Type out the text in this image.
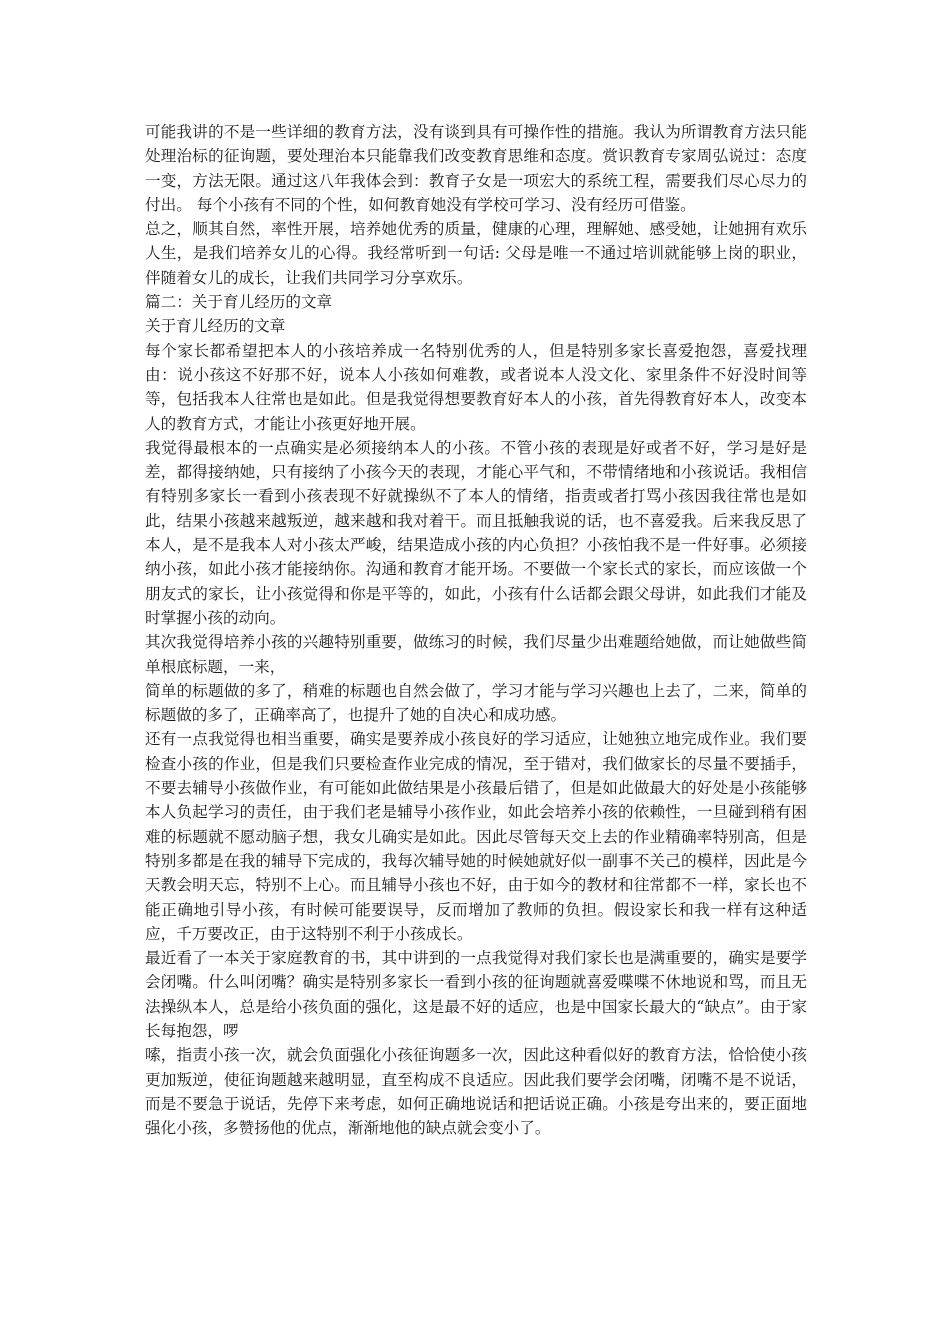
可能我讲的不是一些详细的教育方法，没有谈到具有可操作性的措施。我认为所谓教育方法只能处理治标的征询题，要处理治本只能靠我们改变教育思维和态度。赏识教育专家周弘说过：态度一变，方法无限。通过这八年我体会到：教育子女是一项宏大的系统工程，需要我们尽心尽力的付出。 每个小孩有不同的个性，如何教育她没有学校可学习、没有经历可借鉴。

总之，顺其自然，率性开展，培养她优秀的质量，健康的心理，理解她、感受她，让她拥有欢乐人生，是我们培养女儿的心得。我经常听到一句话: 父母是唯一不通过培训就能够上岗的职业，伴随着女儿的成长，让我们共同学习分享欢乐。

篇二：关于育儿经历的文章

关于育儿经历的文章

每个家长都希望把本人的小孩培养成一名特别优秀的人，但是特别多家长喜爱抱怨，喜爱找理由：说小孩这不好那不好，说本人小孩如何难教，或者说本人没文化、家里条件不好没时间等等，包括我本人往常也是如此。但是我觉得想要教育好本人的小孩，首先得教育好本人，改变本人的教育方式，才能让小孩更好地开展。

我觉得最根本的一点确实是必须接纳本人的小孩。不管小孩的表现是好或者不好，学习是好是差，都得接纳她，只有接纳了小孩今天的表现，才能心平气和，不带情绪地和小孩说话。我相信有特别多家长一看到小孩表现不好就操纵不了本人的情绪，指责或者打骂小孩因我往常也是如此，结果小孩越来越叛逆，越来越和我对着干。而且抵触我说的话，也不喜爱我。后来我反思了本人，是不是我本人对小孩太严峻，结果造成小孩的内心负担？小孩怕我不是一件好事。必须接纳小孩，如此小孩才能接纳你。沟通和教育才能开场。不要做一个家长式的家长，而应该做一个朋友式的家长，让小孩觉得和你是平等的，如此，小孩有什么话都会跟父母讲，如此我们才能及时掌握小孩的动向。

其次我觉得培养小孩的兴趣特别重要，做练习的时候，我们尽量少出难题给她做，而让她做些简单根底标题，一来，

简单的标题做的多了，稍难的标题也自然会做了，学习才能与学习兴趣也上去了，二来，简单的标题做的多了，正确率高了，也提升了她的自决心和成功感。

还有一点我觉得也相当重要，确实是要养成小孩良好的学习适应，让她独立地完成作业。我们要检查小孩的作业，但是我们只要检查作业完成的情况，至于错对，我们做家长的尽量不要插手，不要去辅导小孩做作业，有可能如此做结果是小孩最后错了，但是如此做最大的好处是小孩能够本人负起学习的责任，由于我们老是辅导小孩作业，如此会培养小孩的依赖性，一旦碰到稍有困难的标题就不愿动脑子想，我女儿确实是如此。因此尽管每天交上去的作业精确率特别高，但是特别多都是在我的辅导下完成的，我每次辅导她的时候她就好似一副事不关己的模样，因此是今天教会明天忘，特别不上心。而且辅导小孩也不好，由于如今的教材和往常都不一样，家长也不能正确地引导小孩，有时候可能要误导，反而增加了教师的负担。假设家长和我一样有这种适应，千万要改正，由于这特别不利于小孩成长。

最近看了一本关于家庭教育的书，其中讲到的一点我觉得对我们家长也是满重要的，确实是要学会闭嘴。什么叫闭嘴？确实是特别多家长一看到小孩的征询题就喜爱喋喋不休地说和骂，而且无法操纵本人，总是给小孩负面的强化，这是最不好的适应，也是中国家长最大的“缺点”。由于家长每抱怨，啰

嗦，指责小孩一次，就会负面强化小孩征询题多一次，因此这种看似好的教育方法，恰恰使小孩更加叛逆，使征询题越来越明显，直至构成不良适应。因此我们要学会闭嘴，闭嘴不是不说话，而是不要急于说话，先停下来考虑，如何正确地说话和把话说正确。小孩是夸出来的，要正面地强化小孩，多赞扬他的优点，渐渐地他的缺点就会变小了。
